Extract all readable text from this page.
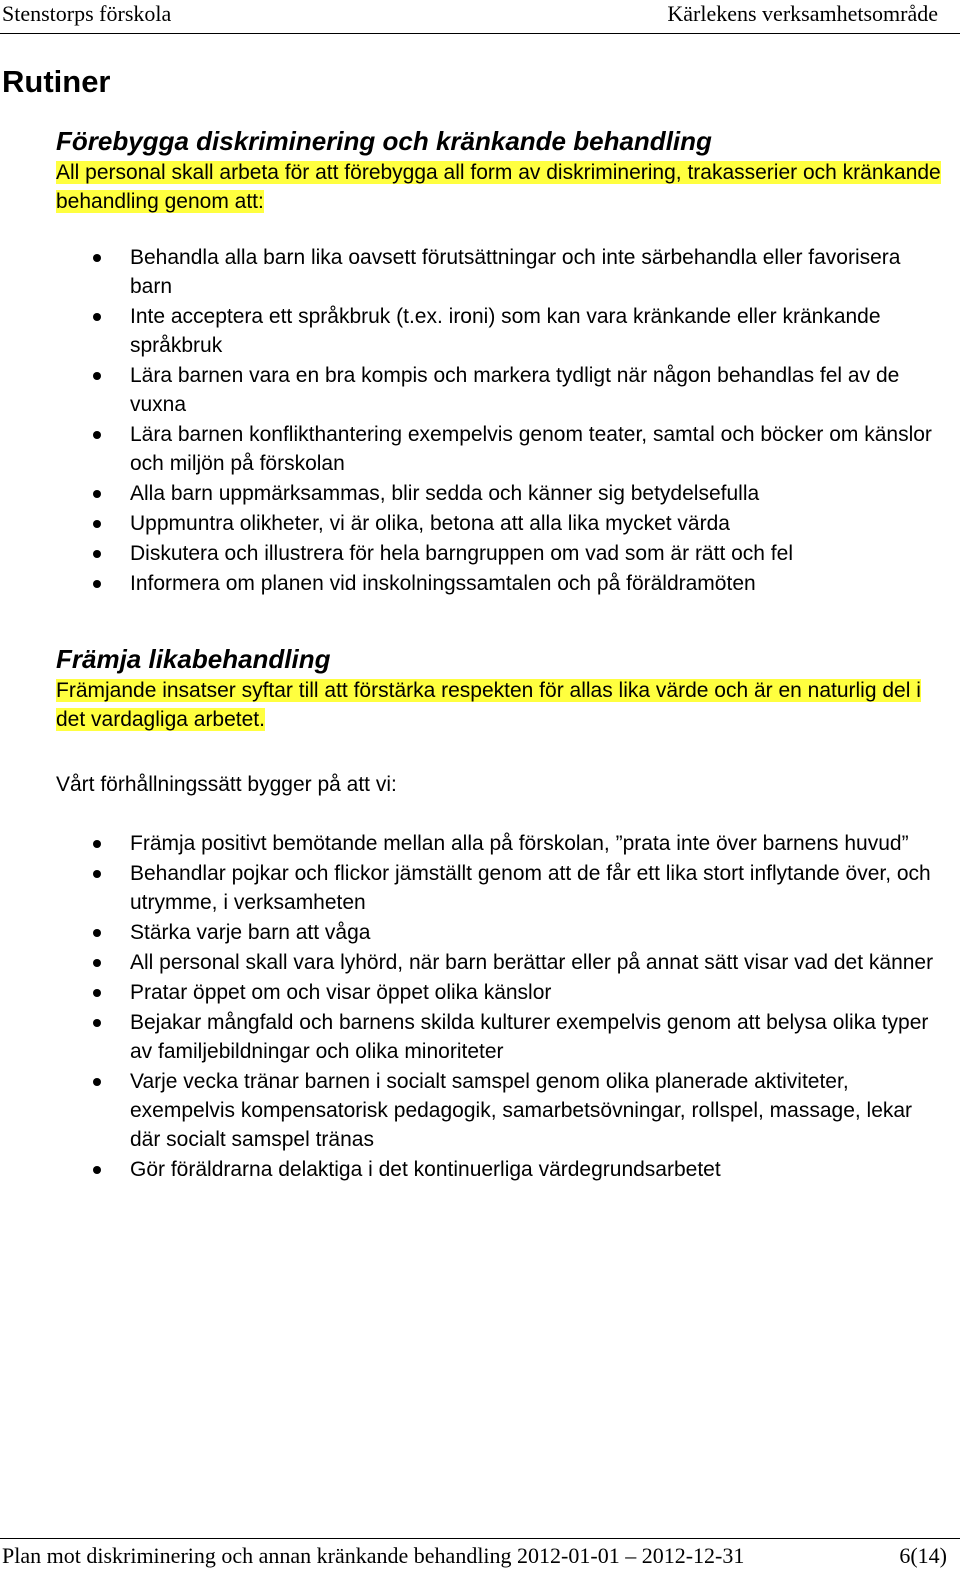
Stenstorps förskola	Kärlekens verksamhetsområde
Rutiner
Förebygga diskriminering och kränkande behandling

All personal skall arbeta för att förebygga all form av diskriminering, trakasserier och kränkande behandling genom att:

Behandla alla barn lika oavsett förutsättningar och inte särbehandla eller favorisera barn
Inte acceptera ett språkbruk (t.ex. ironi) som kan vara kränkande eller kränkande språkbruk
Lära barnen vara en bra kompis och markera tydligt när någon behandlas fel av de vuxna
Lära barnen konflikthantering exempelvis genom teater, samtal och böcker om känslor och miljön på förskolan
Alla barn uppmärksammas, blir sedda och känner sig betydelsefulla
Uppmuntra olikheter, vi är olika, betona att alla lika mycket värda
Diskutera och illustrera för hela barngruppen om vad som är rätt och fel
Informera om planen vid inskolningssamtalen och på föräldramöten
Främja likabehandling

Främjande insatser syftar till att förstärka respekten för allas lika värde och är en naturlig del i det vardagliga arbetet.

Vårt förhållningssätt bygger på att vi:

Främja positivt bemötande mellan alla på förskolan, ”prata inte över barnens huvud”
Behandlar pojkar och flickor jämställt genom att de får ett lika stort inflytande över, och utrymme, i verksamheten
Stärka varje barn att våga
All personal skall vara lyhörd, när barn berättar eller på annat sätt visar vad det känner
Pratar öppet om och visar öppet olika känslor
Bejakar mångfald och barnens skilda kulturer exempelvis genom att belysa olika typer av familjebildningar och olika minoriteter
Varje vecka tränar barnen i socialt samspel genom olika planerade aktiviteter, exempelvis kompensatorisk pedagogik, samarbetsövningar, rollspel, massage, lekar där socialt samspel tränas
Gör föräldrarna delaktiga i det kontinuerliga värdegrundsarbetet
Plan mot diskriminering och annan kränkande behandling 2012-01-01 – 2012-12-31	6(14)
